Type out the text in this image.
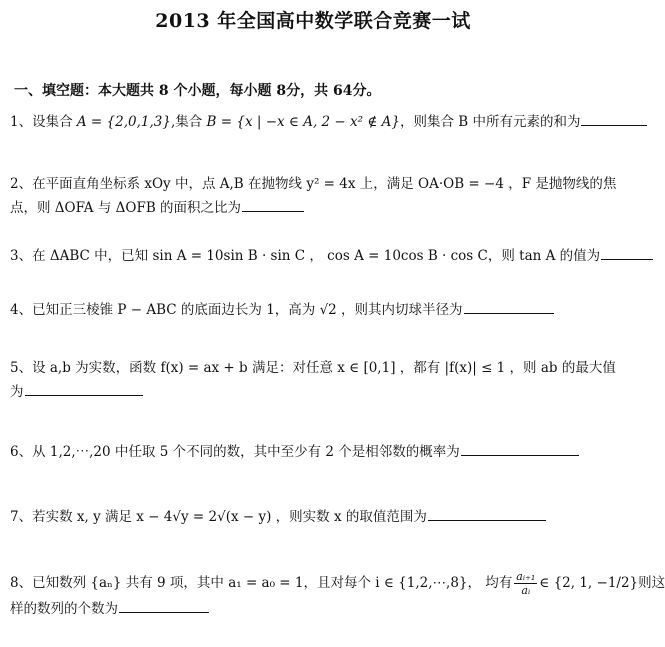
2013 年全国高中数学联合竞赛一试
一、填空题：本大题共 8 个小题，每小题 8分，共 64分。
1、设集合 A = {2,0,1,3},集合 B = {x | −x ∈ A, 2 − x² ∉ A}，则集合 B 中所有元素的和为
2、在平面直角坐标系 xOy 中，点 A,B 在抛物线 y² = 4x 上，满足 OA·OB = −4 ，F 是抛物线的焦
点，则 ΔOFA 与 ΔOFB 的面积之比为
3、在 ΔABC 中，已知 sin A = 10sin B · sin C ， cos A = 10cos B · cos C，则 tan A 的值为
4、已知正三棱锥 P − ABC 的底面边长为 1，高为 √2 ，则其内切球半径为
5、设 a,b 为实数，函数 f(x) = ax + b 满足：对任意 x ∈ [0,1] ，都有 |f(x)| ≤ 1 ，则 ab 的最大值
为
6、从 1,2,⋯,20 中任取 5 个不同的数，其中至少有 2 个是相邻数的概率为
7、若实数 x, y 满足 x − 4√y = 2√(x − y) ，则实数 x 的取值范围为
8、已知数列 {aₙ} 共有 9 项，其中 a₁ = a₀ = 1，且对每个 i ∈ {1,2,⋯,8}， 均有 $\frac{\text{aᵢ₊₁}}{\text{aᵢ}}$ ∈ {2, 1, −1/2}则这
样的数列的个数为
